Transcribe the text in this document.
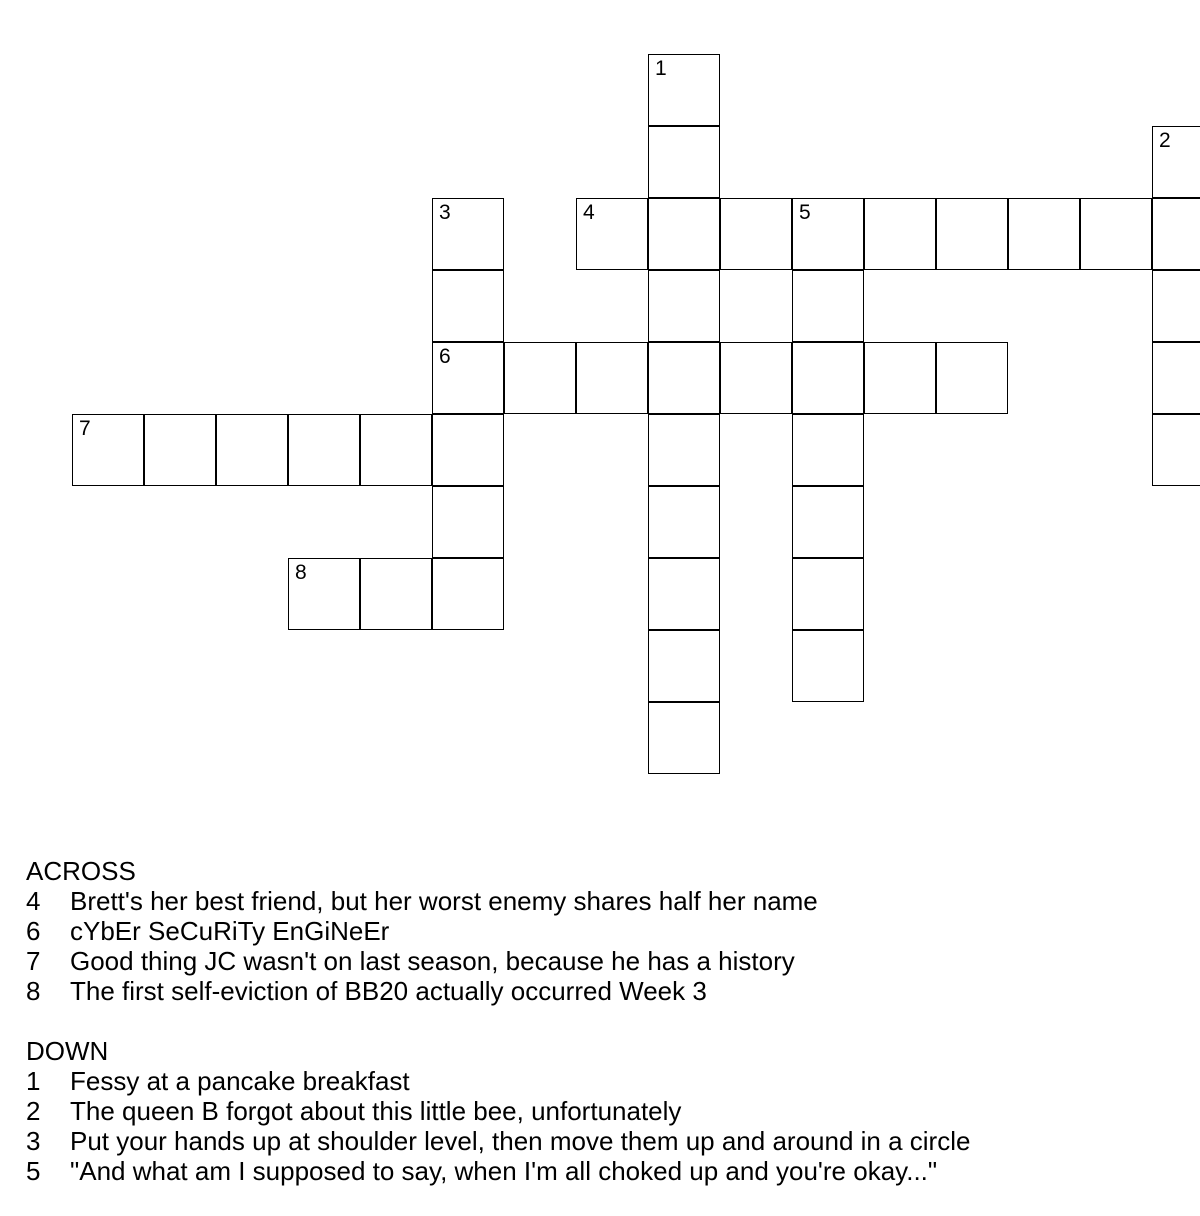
1
2
3	4	5
6
7
8
ACROSS
4	Brett's her best friend, but her worst enemy shares half her name
6	cYbEr SeCuRiTy EnGiNeEr
7	Good thing JC wasn't on last season, because he has a history
8	The first self-eviction of BB20 actually occurred Week 3
DOWN
1	Fessy at a pancake breakfast
2	The queen B forgot about this little bee, unfortunately
3	Put your hands up at shoulder level, then move them up and around in a circle
5	"And what am I supposed to say, when I'm all choked up and you're okay..."
